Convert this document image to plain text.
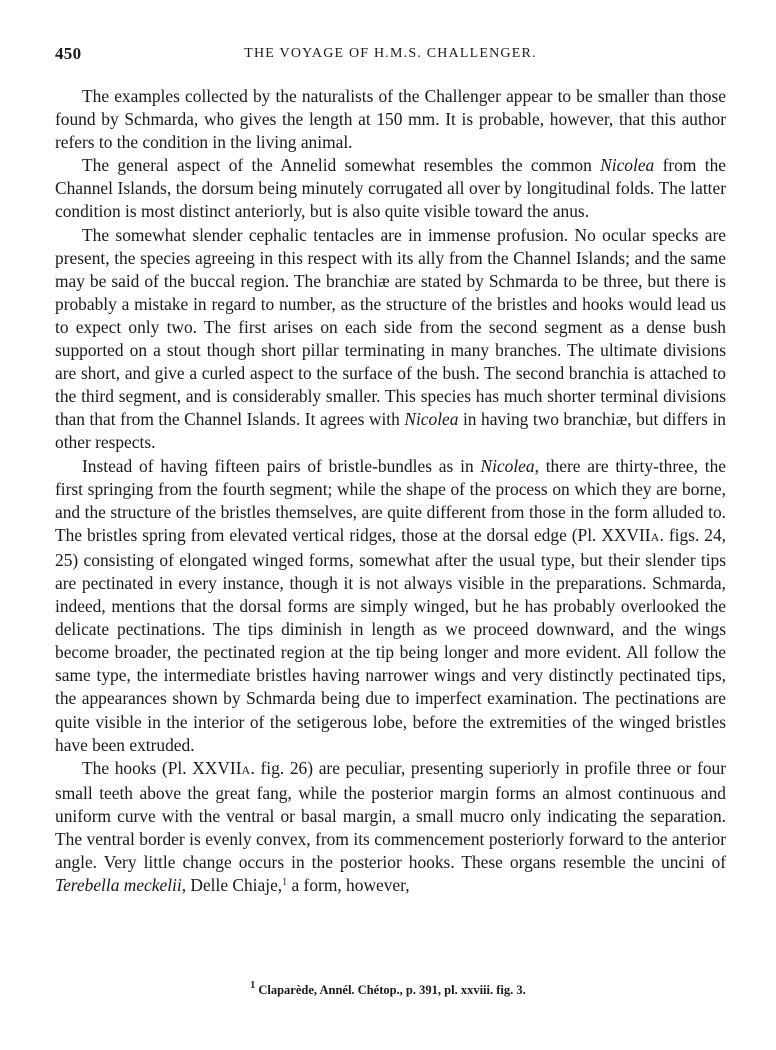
450	THE VOYAGE OF H.M.S. CHALLENGER.

The examples collected by the naturalists of the Challenger appear to be smaller than those found by Schmarda, who gives the length at 150 mm. It is probable, however, that this author refers to the condition in the living animal.

The general aspect of the Annelid somewhat resembles the common Nicolea from the Channel Islands, the dorsum being minutely corrugated all over by longitudinal folds. The latter condition is most distinct anteriorly, but is also quite visible toward the anus.

The somewhat slender cephalic tentacles are in immense profusion. No ocular specks are present, the species agreeing in this respect with its ally from the Channel Islands; and the same may be said of the buccal region. The branchiæ are stated by Schmarda to be three, but there is probably a mistake in regard to number, as the structure of the bristles and hooks would lead us to expect only two. The first arises on each side from the second segment as a dense bush supported on a stout though short pillar terminating in many branches. The ultimate divisions are short, and give a curled aspect to the surface of the bush. The second branchia is attached to the third segment, and is considerably smaller. This species has much shorter terminal divisions than that from the Channel Islands. It agrees with Nicolea in having two branchiæ, but differs in other respects.

Instead of having fifteen pairs of bristle-bundles as in Nicolea, there are thirty-three, the first springing from the fourth segment; while the shape of the process on which they are borne, and the structure of the bristles themselves, are quite different from those in the form alluded to. The bristles spring from elevated vertical ridges, those at the dorsal edge (Pl. XXVIIA. figs. 24, 25) consisting of elongated winged forms, somewhat after the usual type, but their slender tips are pectinated in every instance, though it is not always visible in the preparations. Schmarda, indeed, mentions that the dorsal forms are simply winged, but he has probably overlooked the delicate pectinations. The tips diminish in length as we proceed downward, and the wings become broader, the pectinated region at the tip being longer and more evident. All follow the same type, the intermediate bristles having narrower wings and very distinctly pectinated tips, the appearances shown by Schmarda being due to imperfect examination. The pectinations are quite visible in the interior of the setigerous lobe, before the extremities of the winged bristles have been extruded.

The hooks (Pl. XXVIIA. fig. 26) are peculiar, presenting superiorly in profile three or four small teeth above the great fang, while the posterior margin forms an almost continuous and uniform curve with the ventral or basal margin, a small mucro only indicating the separation. The ventral border is evenly convex, from its commencement posteriorly forward to the anterior angle. Very little change occurs in the posterior hooks. These organs resemble the uncini of Terebella meckelii, Delle Chiaje,$^1$ a form, however,

$^1$ Claparède, Annél. Chétop., p. 391, pl. xxviii. fig. 3.
